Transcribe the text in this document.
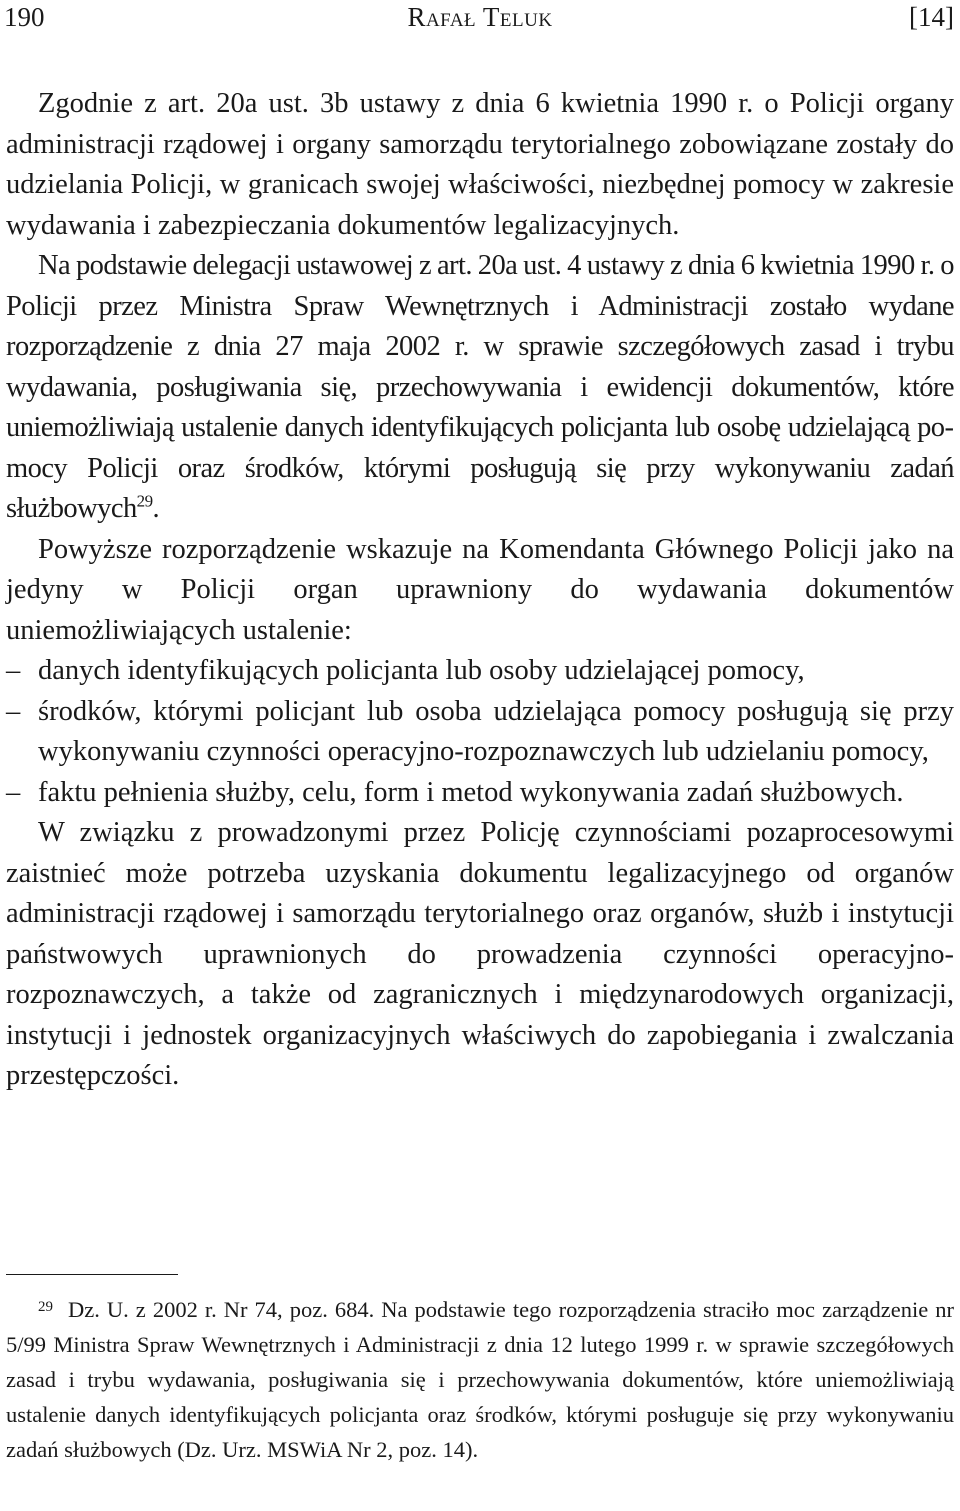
190	Rafał Teluk	[14]

Zgodnie z art. 20a ust. 3b ustawy z dnia 6 kwietnia 1990 r. o Policji organy administracji rządowej i organy samorządu terytorialnego zobowiązane zostały do udzielania Policji, w granicach swojej właściwości, niezbędnej pomocy w zakresie wydawania i zabezpieczania dokumentów legalizacyjnych.

Na podstawie delegacji ustawowej z art. 20a ust. 4 ustawy z dnia 6 kwietnia 1990 r. o Policji przez Ministra Spraw Wewnętrznych i Administracji zostało wydane rozporządzenie z dnia 27 maja 2002 r. w sprawie szczegółowych zasad i trybu wydawania, posługiwania się, przechowywania i ewidencji dokumentów, które uniemożliwiają ustalenie danych identyfikujących policjanta lub osobę udzielającą pomocy Policji oraz środków, którymi posługują się przy wykonywaniu zadań służbowych$^{29}$.

Powyższe rozporządzenie wskazuje na Komendanta Głównego Policji jako na jedyny w Policji organ uprawniony do wydawania dokumentów uniemożliwiających ustalenie:

– danych identyfikujących policjanta lub osoby udzielającej pomocy,
– środków, którymi policjant lub osoba udzielająca pomocy posługują się przy wykonywaniu czynności operacyjno-rozpoznawczych lub udzielaniu pomocy,
– faktu pełnienia służby, celu, form i metod wykonywania zadań służbowych.

W związku z prowadzonymi przez Policję czynnościami pozaprocesowymi zaistnieć może potrzeba uzyskania dokumentu legalizacyjnego od organów administracji rządowej i samorządu terytorialnego oraz organów, służb i instytucji państwowych uprawnionych do prowadzenia czynności operacyjno-rozpoznawczych, a także od zagranicznych i międzynarodowych organizacji, instytucji i jednostek organizacyjnych właściwych do zapobiegania i zwalczania przestępczości.

29 Dz. U. z 2002 r. Nr 74, poz. 684. Na podstawie tego rozporządzenia straciło moc zarządzenie nr 5/99 Ministra Spraw Wewnętrznych i Administracji z dnia 12 lutego 1999 r. w sprawie szczegółowych zasad i trybu wydawania, posługiwania się i przechowywania dokumentów, które uniemożliwiają ustalenie danych identyfikujących policjanta oraz środków, którymi posługuje się przy wykonywaniu zadań służbowych (Dz. Urz. MSWiA Nr 2, poz. 14).
